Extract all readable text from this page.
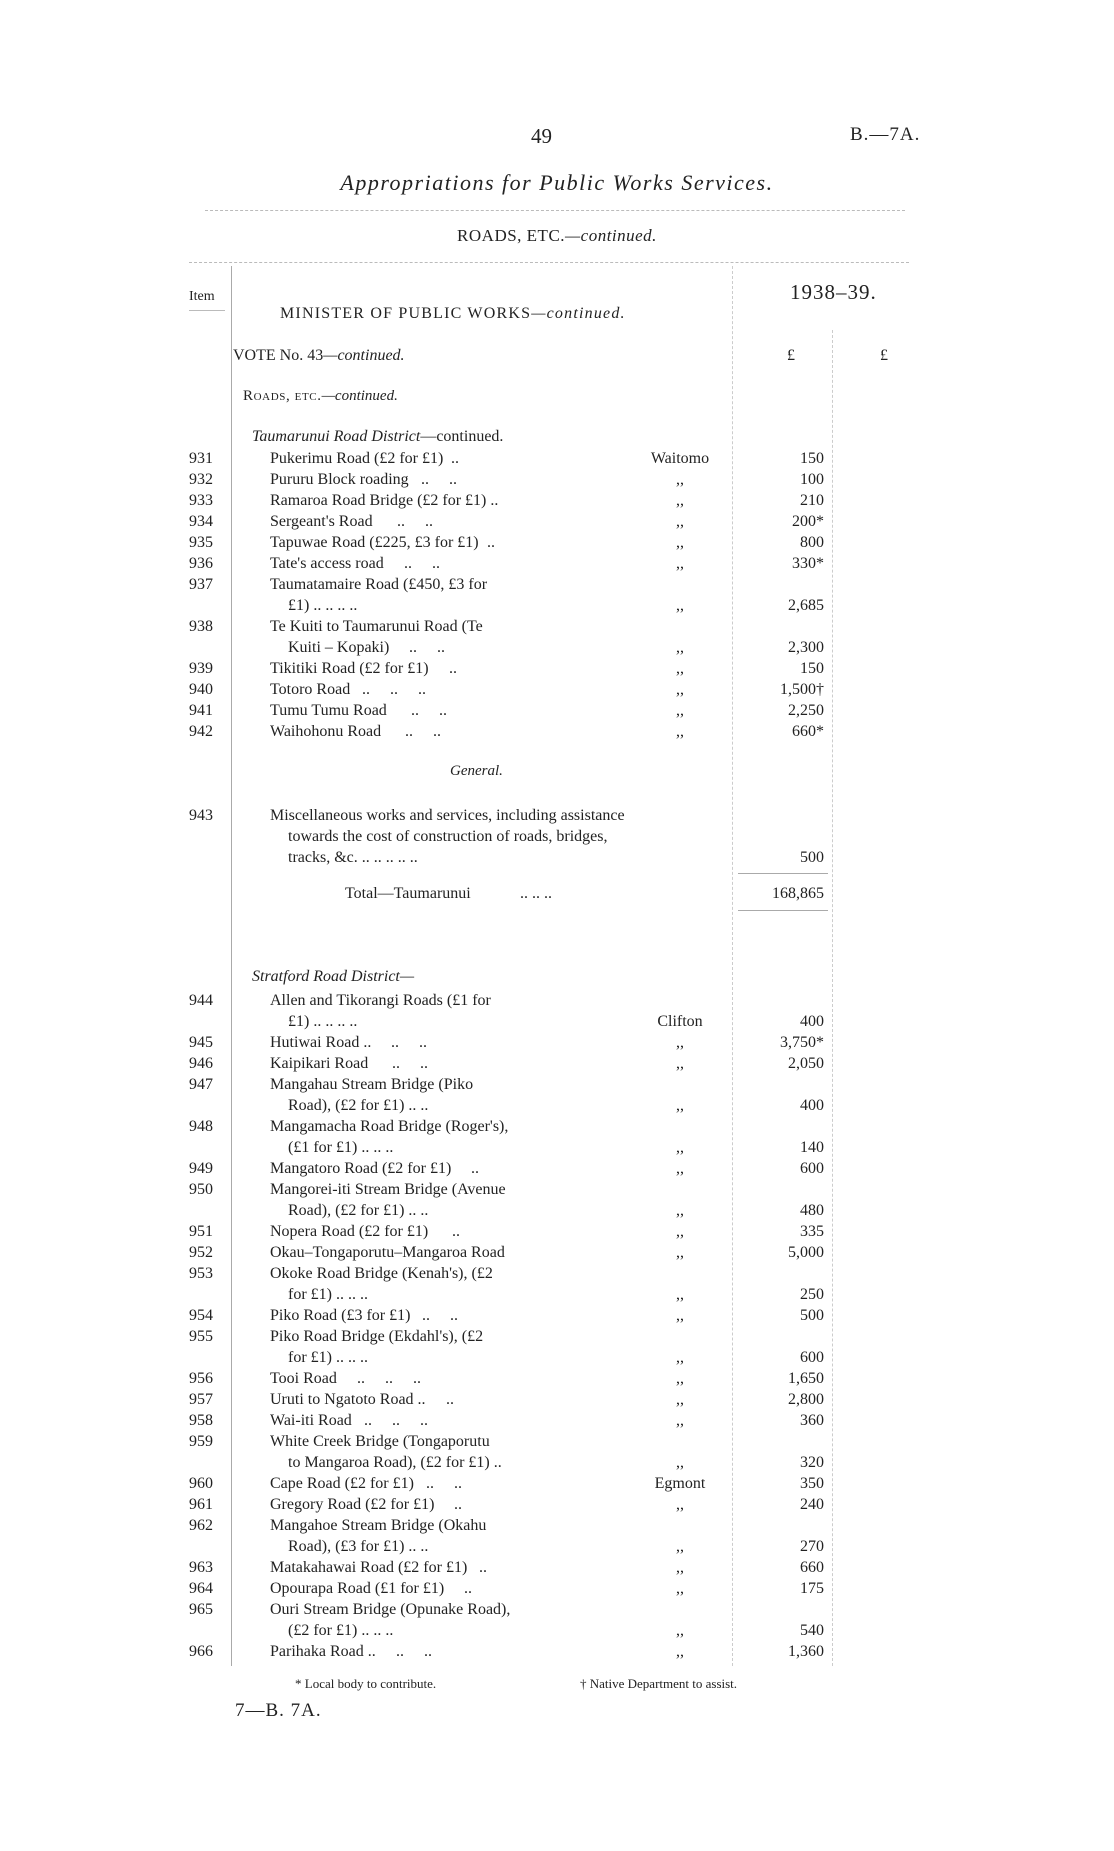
49	B.—7A.
Appropriations for Public Works Services.
ROADS, ETC.—continued.
Item
MINISTER OF PUBLIC WORKS—continued.
1938–39.
VOTE No. 43—continued.	£	£
Roads, etc.—continued.
Taumarunui Road District—continued.
931	Pukerimu Road (£2 for £1) ..	Waitomo	150
932	Pururu Block roading ..     ..	,,	100
933	Ramaroa Road Bridge (£2 for £1) ..	,,	210
934	Sergeant's Road ..     ..	,,	200*
935	Tapuwae Road (£225, £3 for £1) ..	,,	800
936	Tate's access road ..     ..	,,	330*
937	Taumatamaire Road (£450, £3 for
£1) .. .. .. ..	,,	2,685
938	Te Kuiti to Taumarunui Road (Te
Kuiti – Kopaki) ..     ..	,,	2,300
939	Tikitiki Road (£2 for £1) ..	,,	150
940	Totoro Road ..     ..     ..	,,	1,500†
941	Tumu Tumu Road ..     ..	,,	2,250
942	Waihohonu Road ..     ..	,,	660*
General.
943	Miscellaneous works and services, including assistance
towards the cost of construction of roads, bridges,
tracks, &c. .. .. .. .. ..	500
Total—Taumarunui	.. .. ..	168,865
Stratford Road District—
944	Allen and Tikorangi Roads (£1 for
£1) .. .. .. ..	Clifton	400
945	Hutiwai Road .. ..     ..	,,	3,750*
946	Kaipikari Road ..     ..	,,	2,050
947	Mangahau Stream Bridge (Piko
Road), (£2 for £1) .. ..	,,	400
948	Mangamacha Road Bridge (Roger's),
(£1 for £1) .. .. ..	,,	140
949	Mangatoro Road (£2 for £1) ..	,,	600
950	Mangorei-iti Stream Bridge (Avenue
Road), (£2 for £1) .. ..	,,	480
951	Nopera Road (£2 for £1) ..	,,	335
952	Okau–Tongaporutu–Mangaroa Road	,,	5,000
953	Okoke Road Bridge (Kenah's), (£2
for £1) .. .. ..	,,	250
954	Piko Road (£3 for £1) ..     ..	,,	500
955	Piko Road Bridge (Ekdahl's), (£2
for £1) .. .. ..	,,	600
956	Tooi Road ..     ..     ..	,,	1,650
957	Uruti to Ngatoto Road .. ..	,,	2,800
958	Wai-iti Road ..     ..     ..	,,	360
959	White Creek Bridge (Tongaporutu
to Mangaroa Road), (£2 for £1) ..	,,	320
960	Cape Road (£2 for £1) ..     ..	Egmont	350
961	Gregory Road (£2 for £1) ..	,,	240
962	Mangahoe Stream Bridge (Okahu
Road), (£3 for £1) .. ..	,,	270
963	Matakahawai Road (£2 for £1) ..	,,	660
964	Opourapa Road (£1 for £1) ..	,,	175
965	Ouri Stream Bridge (Opunake Road),
(£2 for £1) .. .. ..	,,	540
966	Parihaka Road .. ..     ..	,,	1,360
* Local body to contribute.	† Native Department to assist.
7—B. 7A.
